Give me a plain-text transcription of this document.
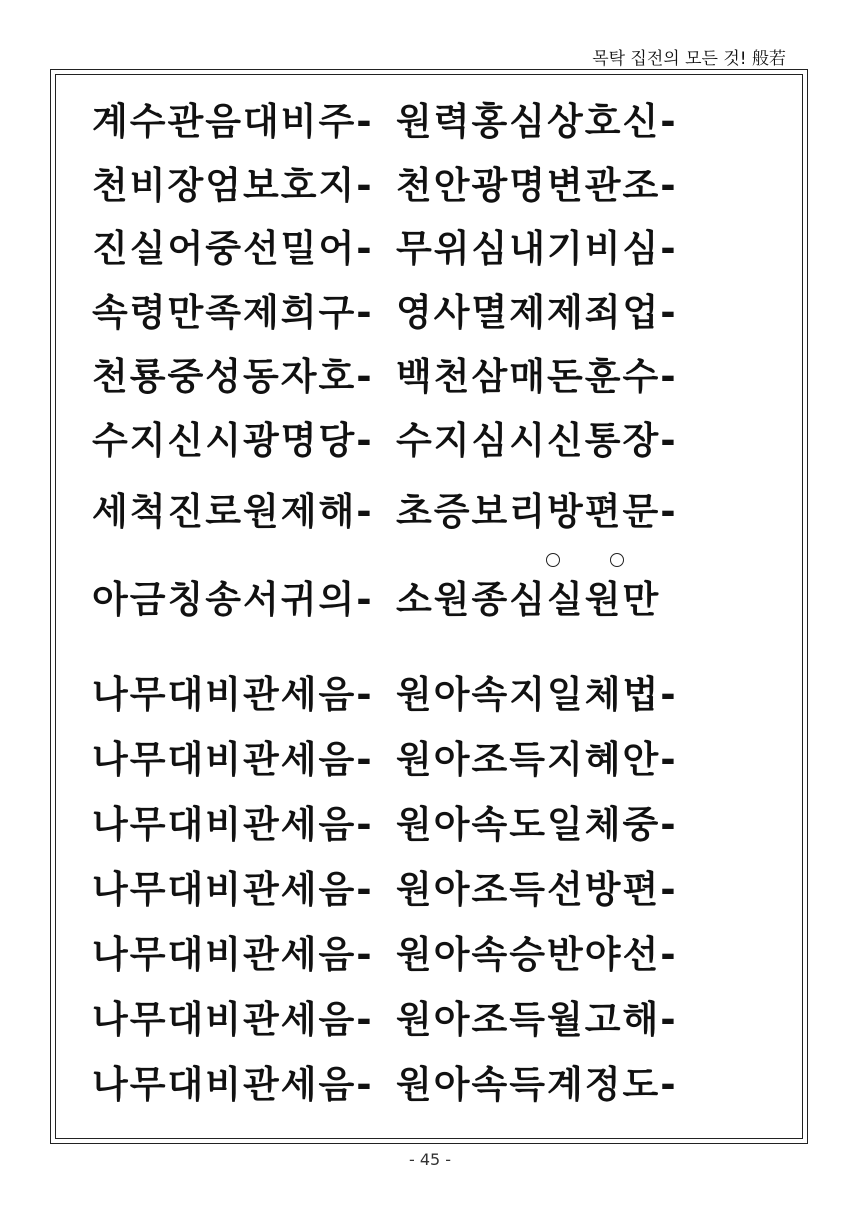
목탁 집전의 모든 것! 般若
계수관음대비주- 원력홍심상호신-
천비장엄보호지- 천안광명변관조-
진실어중선밀어- 무위심내기비심-
속령만족제희구- 영사멸제제죄업-
천룡중성동자호- 백천삼매돈훈수-
수지신시광명당- 수지심시신통장-
세척진로원제해- 초증보리방편문-
아금칭송서귀의- 소원종심실원만
나무대비관세음- 원아속지일체법-
나무대비관세음- 원아조득지혜안-
나무대비관세음- 원아속도일체중-
나무대비관세음- 원아조득선방편-
나무대비관세음- 원아속승반야선-
나무대비관세음- 원아조득월고해-
나무대비관세음- 원아속득계정도-
- 45 -
